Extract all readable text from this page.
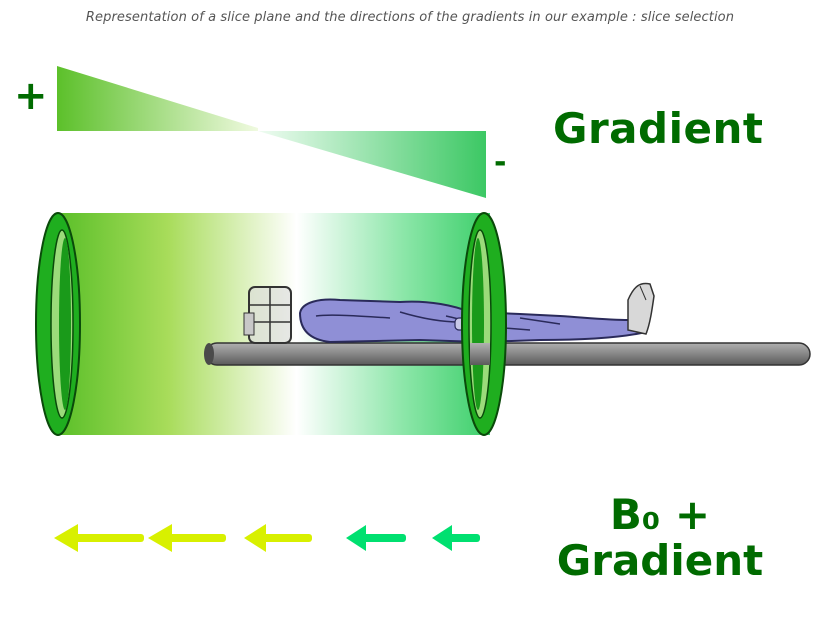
Representation of a slice plane and the directions of the gradients in our example : slice selection
+
-
Gradient
B₀ +
Gradient
